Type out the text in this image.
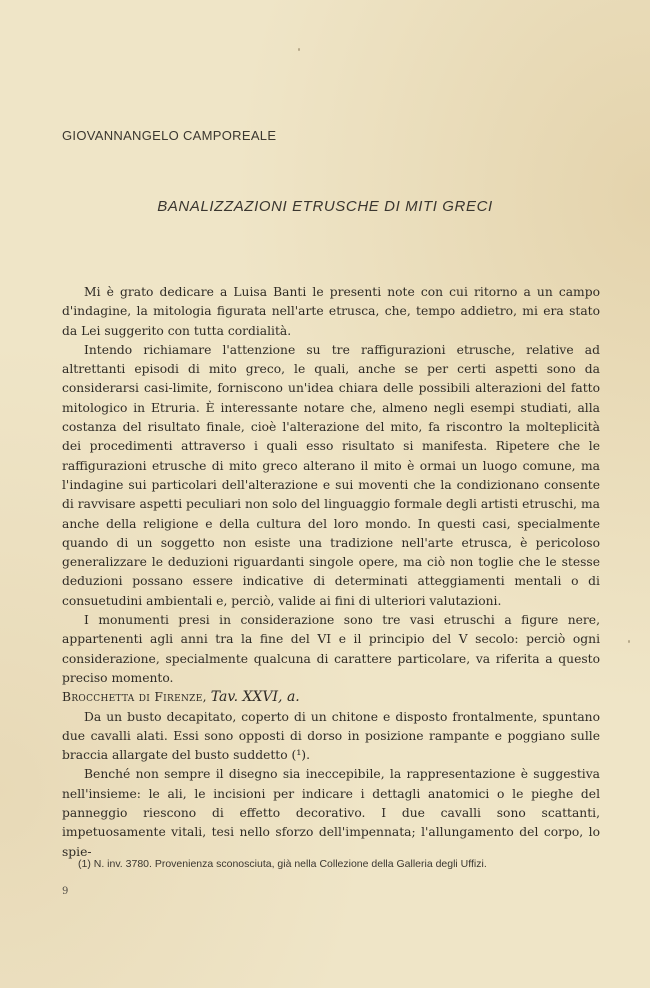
GIOVANNANGELO CAMPOREALE
BANALIZZAZIONI ETRUSCHE DI MITI GRECI

Mi è grato dedicare a Luisa Banti le presenti note con cui ritorno a un campo d'indagine, la mitologia figurata nell'arte etrusca, che, tempo addietro, mi era stato da Lei suggerito con tutta cordialità.

Intendo richiamare l'attenzione su tre raffigurazioni etrusche, relative ad altrettanti episodi di mito greco, le quali, anche se per certi aspetti sono da considerarsi casi-limite, forniscono un'idea chiara delle possibili alterazioni del fatto mitologico in Etruria. È interessante notare che, almeno negli esempi studiati, alla costanza del risultato finale, cioè l'alterazione del mito, fa riscontro la molteplicità dei procedimenti attraverso i quali esso risultato si manifesta. Ripetere che le raffigurazioni etrusche di mito greco alterano il mito è ormai un luogo comune, ma l'indagine sui particolari dell'alterazione e sui moventi che la condizionano consente di ravvisare aspetti peculiari non solo del linguaggio formale degli artisti etruschi, ma anche della religione e della cultura del loro mondo. In questi casi, specialmente quando di un soggetto non esiste una tradizione nell'arte etrusca, è pericoloso generalizzare le deduzioni riguardanti singole opere, ma ciò non toglie che le stesse deduzioni possano essere indicative di determinati atteggiamenti mentali o di consuetudini ambientali e, perciò, valide ai fini di ulteriori valutazioni.

I monumenti presi in considerazione sono tre vasi etruschi a figure nere, appartenenti agli anni tra la fine del VI e il principio del V secolo: perciò ogni considerazione, specialmente qualcuna di carattere particolare, va riferita a questo preciso momento.

Brocchetta di Firenze, Tav. XXVI, a.

Da un busto decapitato, coperto di un chitone e disposto frontalmente, spuntano due cavalli alati. Essi sono opposti di dorso in posizione rampante e poggiano sulle braccia allargate del busto suddetto (¹).

Benché non sempre il disegno sia ineccepibile, la rappresentazione è suggestiva nell'insieme: le ali, le incisioni per indicare i dettagli anatomici o le pieghe del panneggio riescono di effetto decorativo. I due cavalli sono scattanti, impetuosamente vitali, tesi nello sforzo dell'impennata; l'allungamento del corpo, lo spie-

(1) N. inv. 3780. Provenienza sconosciuta, già nella Collezione della Galleria degli Uffizi.
9
